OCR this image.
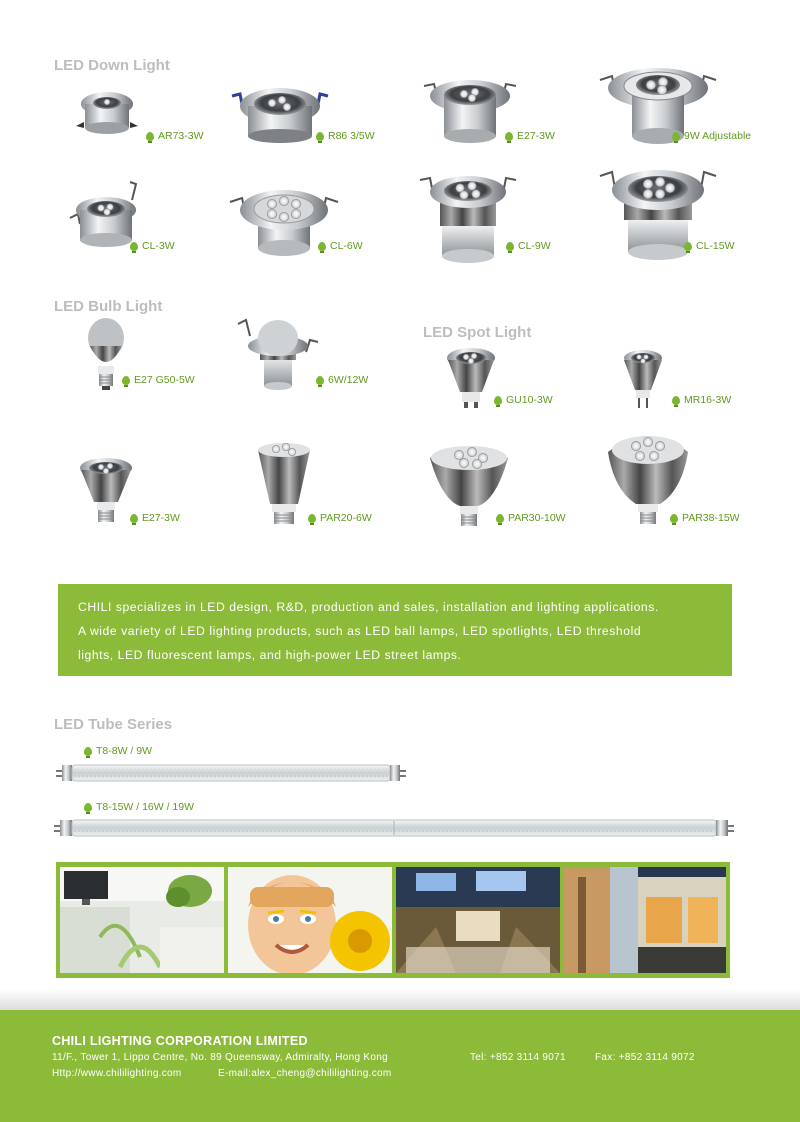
LED Down Light
LED Bulb Light
LED Spot Light
LED Tube Series
AR73-3W	R86 3/5W	E27-3W	9W Adjustable
CL-3W	CL-6W	CL-9W	CL-15W
E27 G50-5W	6W/12W
GU10-3W	MR16-3W
E27-3W	PAR20-6W	PAR30-10W	PAR38-15W

CHILI specializes in LED design, R&D, production and sales, installation and lighting applications.

A wide variety of LED lighting products, such as LED ball lamps, LED spotlights, LED threshold

lights, LED fluorescent lamps, and high-power LED street lamps.

T8-8W / 9W
T8-15W / 16W / 19W
CHILI LIGHTING CORPORATION LIMITED
11/F., Tower 1, Lippo Centre, No. 89 Queensway, Admiralty, Hong Kong	Tel: +852 3114 9071	Fax: +852 3114 9072
Http://www.chililighting.com	E-mail:alex_cheng@chililighting.com
